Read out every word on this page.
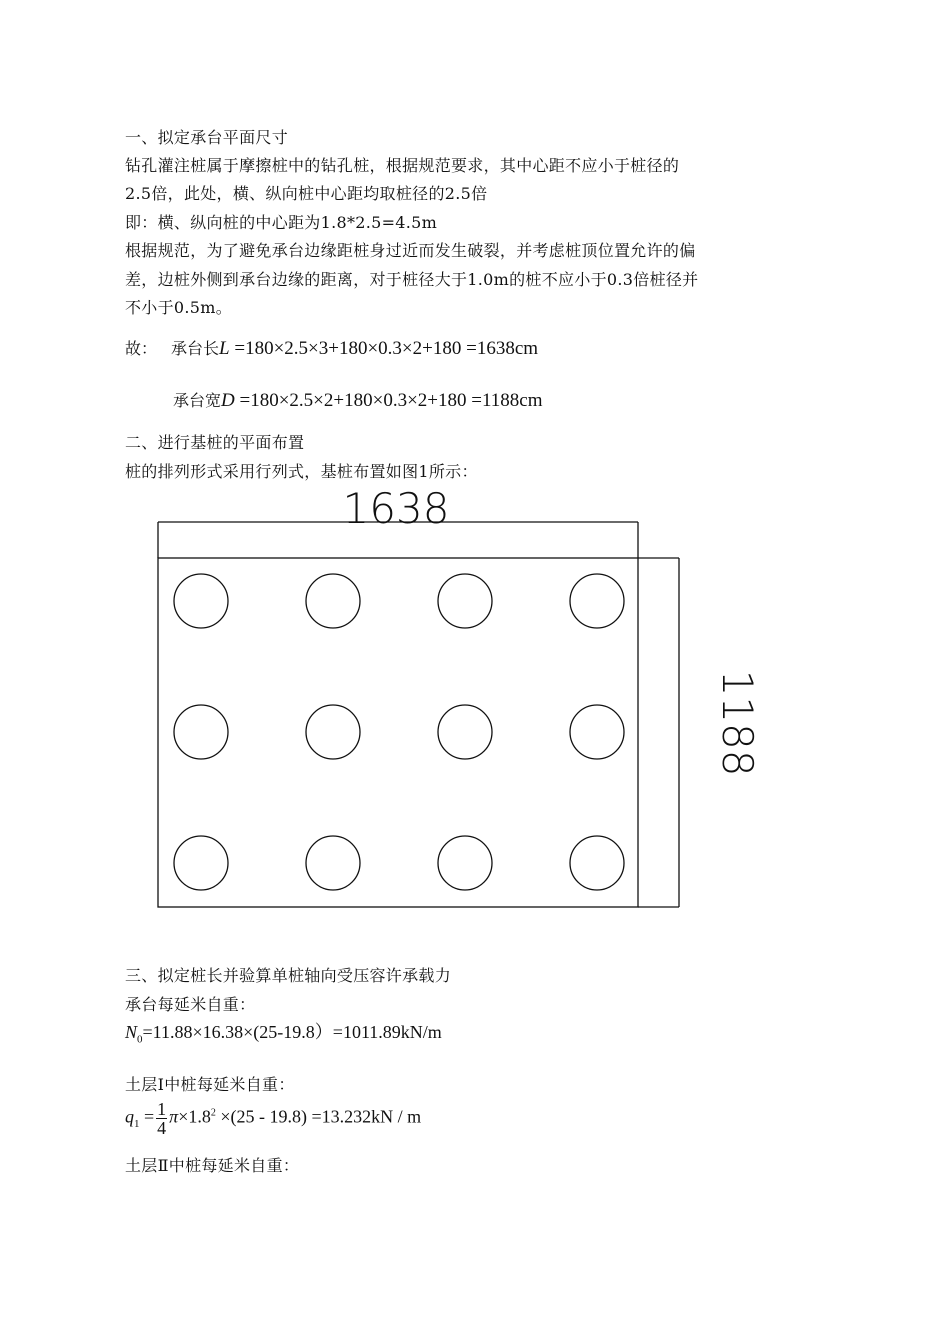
一、拟定承台平面尺寸
钻孔灌注桩属于摩擦桩中的钻孔桩，根据规范要求，其中心距不应小于桩径的
2.5倍，此处，横、纵向桩中心距均取桩径的2.5倍
即：横、纵向桩的中心距为1.8*2.5=4.5m
根据规范，为了避免承台边缘距桩身过近而发生破裂，并考虑桩顶位置允许的偏
差，边桩外侧到承台边缘的距离，对于桩径大于1.0m的桩不应小于0.3倍桩径并
不小于0.5m。
故： 承台长L =180×2.5×3+180×0.3×2+180 =1638cm
承台宽D =180×2.5×2+180×0.3×2+180 =1188cm
二、进行基桩的平面布置
桩的排列形式采用行列式，基桩布置如图1所示：
1638
1188
三、拟定桩长并验算单桩轴向受压容许承载力
承台每延米自重：
$N_0=11.88\times 16.38\times(25-19.8)=1011.89kN/m$
土层Ⅰ中桩每延米自重：
$q_1 = \frac{1}{4} \pi\times 1.8^2 \times(25 - 19.8) =13.232kN / m$
土层Ⅱ中桩每延米自重：
